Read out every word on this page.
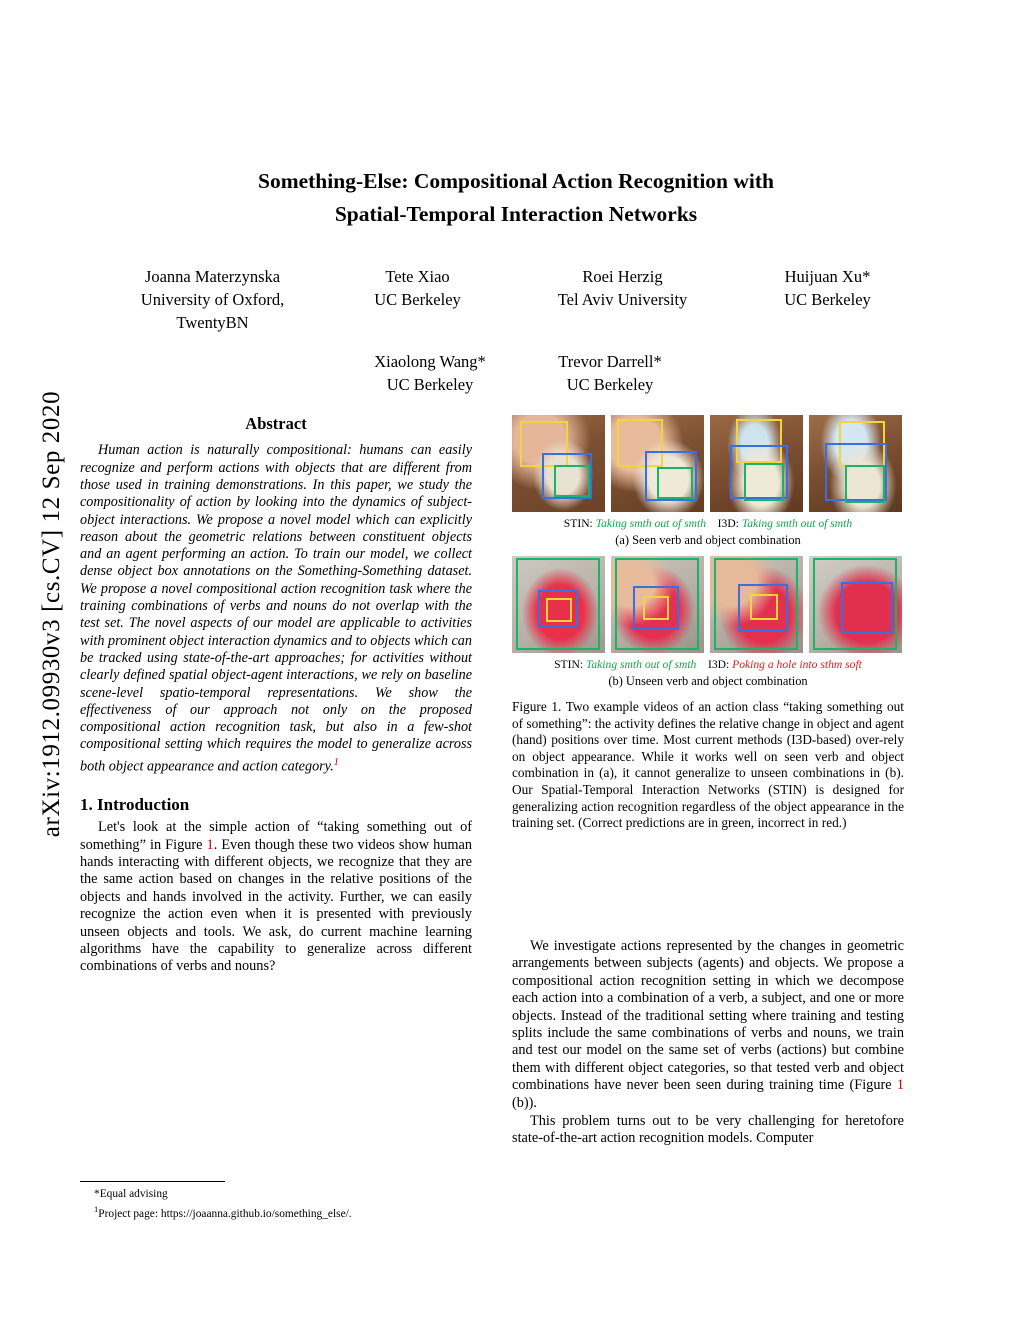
arXiv:1912.09930v3 [cs.CV] 12 Sep 2020
Something-Else: Compositional Action Recognition with
Spatial-Temporal Interaction Networks
Joanna Materzynska
University of Oxford, TwentyBN
Tete Xiao
UC Berkeley
Roei Herzig
Tel Aviv University
Huijuan Xu*
UC Berkeley
Xiaolong Wang*
UC Berkeley
Trevor Darrell*
UC Berkeley
Abstract
Human action is naturally compositional: humans can easily recognize and perform actions with objects that are different from those used in training demonstrations. In this paper, we study the compositionality of action by looking into the dynamics of subject-object interactions. We propose a novel model which can explicitly reason about the geometric relations between constituent objects and an agent performing an action. To train our model, we collect dense object box annotations on the Something-Something dataset. We propose a novel compositional action recognition task where the training combinations of verbs and nouns do not overlap with the test set. The novel aspects of our model are applicable to activities with prominent object interaction dynamics and to objects which can be tracked using state-of-the-art approaches; for activities without clearly defined spatial object-agent interactions, we rely on baseline scene-level spatio-temporal representations. We show the effectiveness of our approach not only on the proposed compositional action recognition task, but also in a few-shot compositional setting which requires the model to generalize across both object appearance and action category.$^1$
1. Introduction

Let's look at the simple action of “taking something out of something” in Figure 1. Even though these two videos show human hands interacting with different objects, we recognize that they are the same action based on changes in the relative positions of the objects and hands involved in the activity. Further, we can easily recognize the action even when it is presented with previously unseen objects and tools. We ask, do current machine learning algorithms have the capability to generalize across different combinations of verbs and nouns?

*Equal advising
$^1$Project page: https://joaanna.github.io/something_else/.
STIN: Taking smth out of smth I3D: Taking smth out of smth
(a) Seen verb and object combination
STIN: Taking smth out of smth I3D: Poking a hole into sthm soft
(b) Unseen verb and object combination
Figure 1. Two example videos of an action class “taking something out of something”: the activity defines the relative change in object and agent (hand) positions over time. Most current methods (I3D-based) over-rely on object appearance. While it works well on seen verb and object combination in (a), it cannot generalize to unseen combinations in (b). Our Spatial-Temporal Interaction Networks (STIN) is designed for generalizing action recognition regardless of the object appearance in the training set. (Correct predictions are in green, incorrect in red.)

We investigate actions represented by the changes in geometric arrangements between subjects (agents) and objects. We propose a compositional action recognition setting in which we decompose each action into a combination of a verb, a subject, and one or more objects. Instead of the traditional setting where training and testing splits include the same combinations of verbs and nouns, we train and test our model on the same set of verbs (actions) but combine them with different object categories, so that tested verb and object combinations have never been seen during training time (Figure 1 (b)).

This problem turns out to be very challenging for heretofore state-of-the-art action recognition models. Computer
